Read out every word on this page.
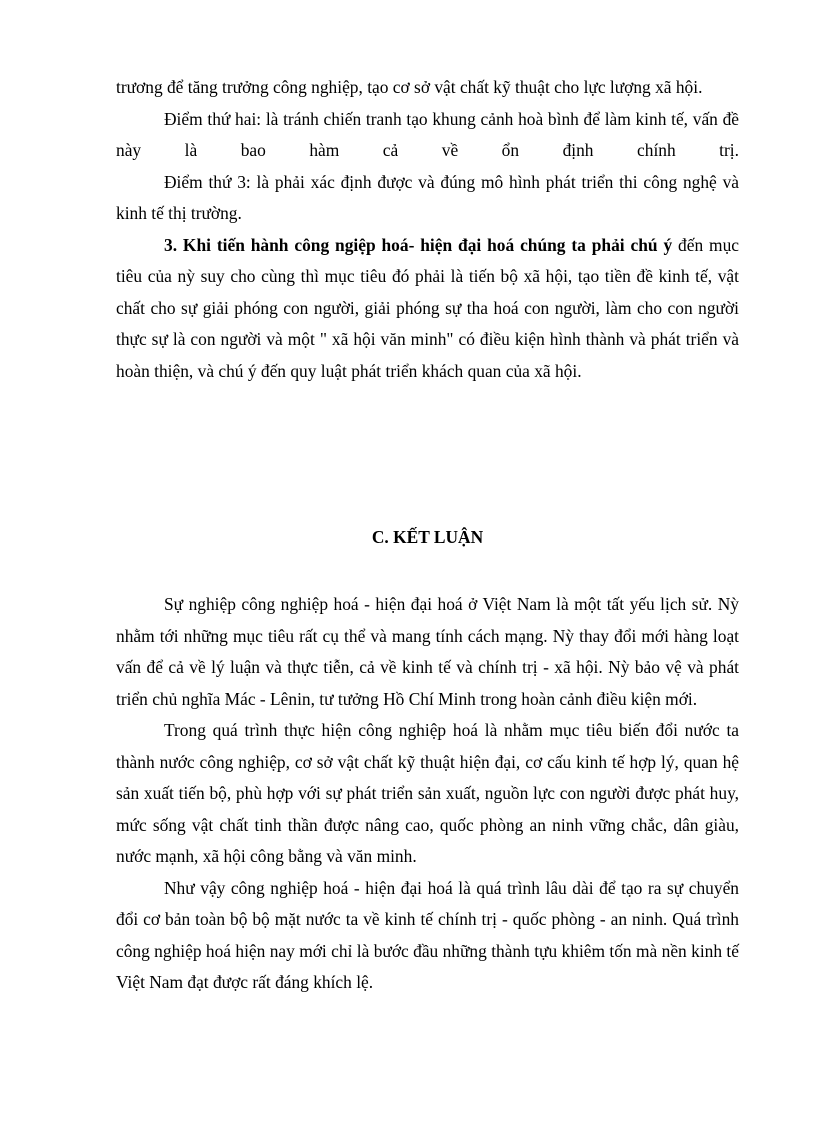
trương để tăng trưởng công nghiệp, tạo cơ sở vật chất kỹ thuật cho lực lượng xã hội.

Điểm thứ hai: là tránh chiến tranh tạo khung cảnh hoà bình để làm kinh tế, vấn đề này là bao hàm cả về ổn định chính trị.

Điểm thứ 3: là phải xác định được và đúng mô hình phát triển thi công nghệ và kinh tế thị trường.

3. Khi tiến hành công ngiệp hoá- hiện đại hoá chúng ta phải chú ý đến mục tiêu của nỳ suy cho cùng thì mục tiêu đó phải là tiến bộ xã hội, tạo tiền đề kinh tế, vật chất cho sự giải phóng con người, giải phóng sự tha hoá con người, làm cho con người thực sự là con người và một " xã hội văn minh" có điều kiện hình thành và phát triển và hoàn thiện, và chú ý đến quy luật phát triển khách quan của xã hội.

C. KẾT LUẬN

Sự nghiệp công nghiệp hoá - hiện đại hoá ở Việt Nam là một tất yếu lịch sử. Nỳ nhằm tới những mục tiêu rất cụ thể và mang tính cách mạng. Nỳ thay đổi mới hàng loạt vấn để cả về lý luận và thực tiễn, cả về kinh tế và chính trị - xã hội. Nỳ bảo vệ và phát triển chủ nghĩa Mác - Lênin, tư tưởng Hồ Chí Minh trong hoàn cảnh điều kiện mới.

Trong quá trình thực hiện công nghiệp hoá là nhằm mục tiêu biến đổi nước ta thành nước công nghiệp, cơ sở vật chất kỹ thuật hiện đại, cơ cấu kinh tế hợp lý, quan hệ sản xuất tiến bộ, phù hợp với sự phát triển sản xuất, nguồn lực con người được phát huy, mức sống vật chất tinh thần được nâng cao, quốc phòng an ninh vững chắc, dân giàu, nước mạnh, xã hội công bằng và văn minh.

Như vậy công nghiệp hoá - hiện đại hoá là quá trình lâu dài để tạo ra sự chuyển đổi cơ bản toàn bộ bộ mặt nước ta về kinh tế chính trị - quốc phòng - an ninh. Quá trình công nghiệp hoá hiện nay mới chỉ là bước đầu những thành tựu khiêm tốn mà nền kinh tế Việt Nam đạt được rất đáng khích lệ.
